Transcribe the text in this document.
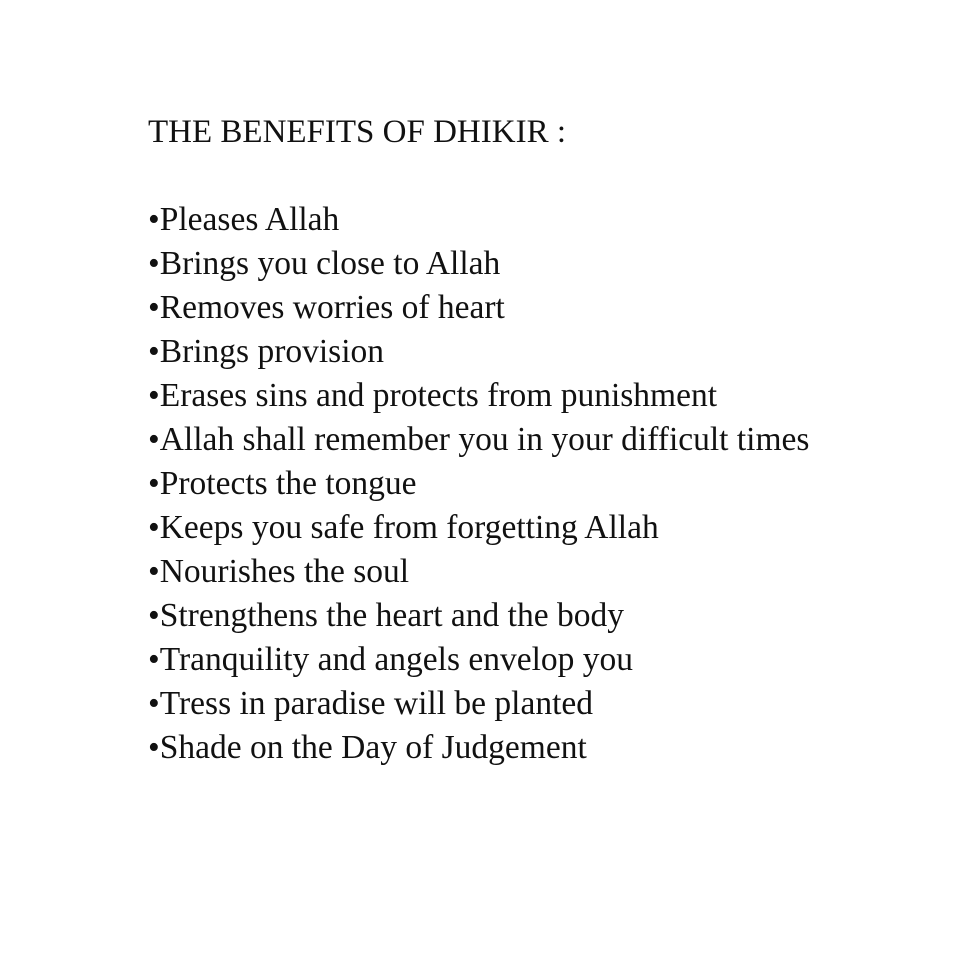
THE BENEFITS OF DHIKIR :
•Pleases Allah
•Brings you close to Allah
•Removes worries of heart
•Brings provision
•Erases sins and protects from punishment
•Allah shall remember you in your difficult times
•Protects the tongue
•Keeps you safe from forgetting Allah
•Nourishes the soul
•Strengthens the heart and the body
•Tranquility and angels envelop you
•Tress in paradise will be planted
•Shade on the Day of Judgement
